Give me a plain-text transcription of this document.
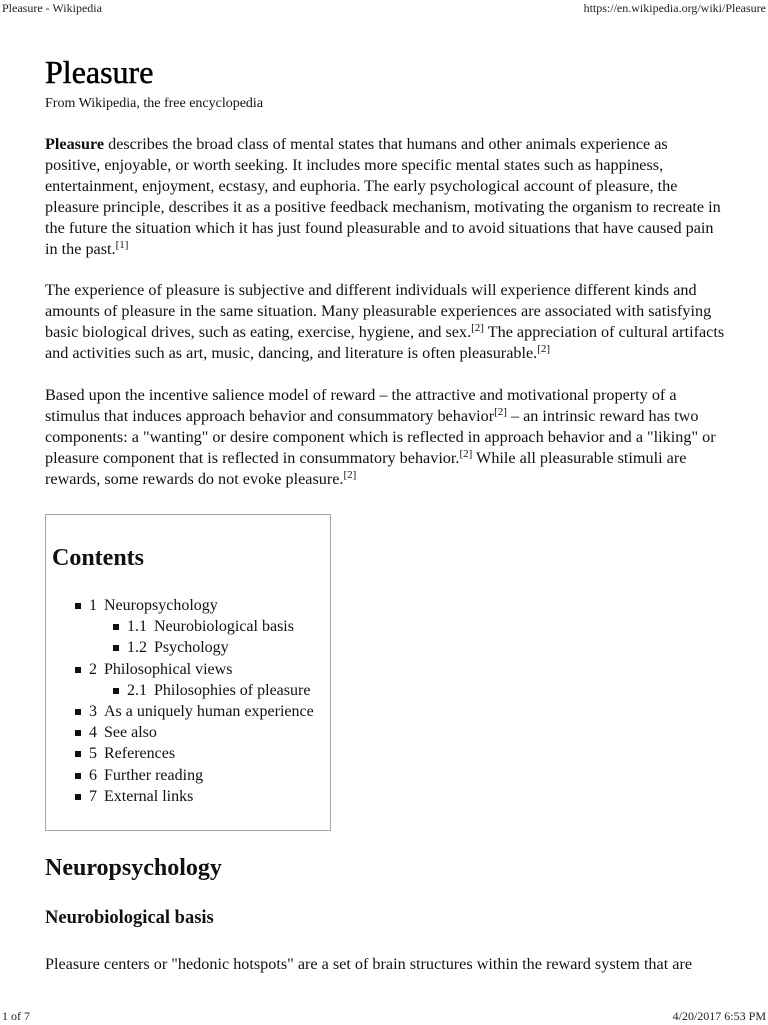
Pleasure - Wikipedia	https://en.wikipedia.org/wiki/Pleasure
Pleasure

From Wikipedia, the free encyclopedia

Pleasure describes the broad class of mental states that humans and other animals experience as positive, enjoyable, or worth seeking. It includes more specific mental states such as happiness, entertainment, enjoyment, ecstasy, and euphoria. The early psychological account of pleasure, the pleasure principle, describes it as a positive feedback mechanism, motivating the organism to recreate in the future the situation which it has just found pleasurable and to avoid situations that have caused pain in the past.[1]

The experience of pleasure is subjective and different individuals will experience different kinds and amounts of pleasure in the same situation. Many pleasurable experiences are associated with satisfying basic biological drives, such as eating, exercise, hygiene, and sex.[2] The appreciation of cultural artifacts and activities such as art, music, dancing, and literature is often pleasurable.[2]

Based upon the incentive salience model of reward – the attractive and motivational property of a stimulus that induces approach behavior and consummatory behavior[2] – an intrinsic reward has two components: a "wanting" or desire component which is reflected in approach behavior and a "liking" or pleasure component that is reflected in consummatory behavior.[2] While all pleasurable stimuli are rewards, some rewards do not evoke pleasure.[2]

Contents
1 Neuropsychology
1.1 Neurobiological basis
1.2 Psychology
2 Philosophical views
2.1 Philosophies of pleasure
3 As a uniquely human experience
4 See also
5 References
6 Further reading
7 External links
Neuropsychology
Neurobiological basis

Pleasure centers or "hedonic hotspots" are a set of brain structures within the reward system that are

1 of 7	4/20/2017 6:53 PM
